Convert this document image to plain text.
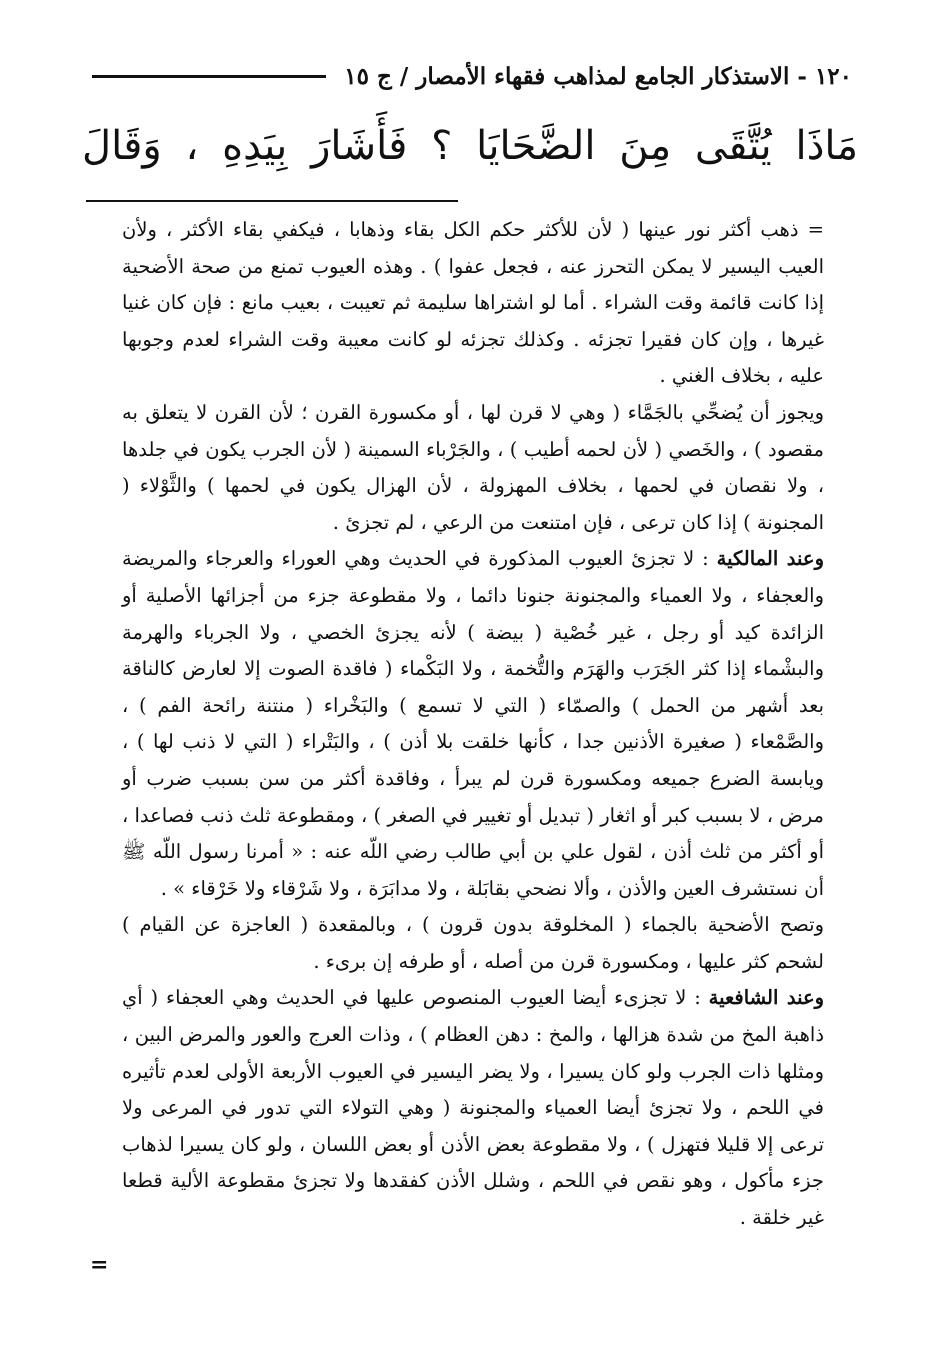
١٢٠ - الاستذكار الجامع لمذاهب فقهاء الأمصار / ج ١٥
مَاذَا يُتَّقَى مِنَ الضَّحَايَا ؟ فَأَشَارَ بِيَدِهِ ، وَقَالَ

= ذهب أكثر نور عينها ( لأن للأكثر حكم الكل بقاء وذهابا ، فيكفي بقاء الأكثر ، ولأن العيب اليسير لا يمكن التحرز عنه ، فجعل عفوا ) . وهذه العيوب تمنع من صحة الأضحية إذا كانت قائمة وقت الشراء . أما لو اشتراها سليمة ثم تعيبت ، بعيب مانع : فإن كان غنيا غيرها ، وإن كان فقيرا تجزئه . وكذلك تجزئه لو كانت معيبة وقت الشراء لعدم وجوبها عليه ، بخلاف الغني .

ويجوز أن يُضحِّي بالجَمَّاء ( وهي لا قرن لها ، أو مكسورة القرن ؛ لأن القرن لا يتعلق به مقصود ) ، والخَصي ( لأن لحمه أطيب ) ، والجَرْباء السمينة ( لأن الجرب يكون في جلدها ، ولا نقصان في لحمها ، بخلاف المهزولة ، لأن الهزال يكون في لحمها ) والثَّوْلاء ( المجنونة ) إذا كان ترعى ، فإن امتنعت من الرعي ، لم تجزئ .

وعند المالكية : لا تجزئ العيوب المذكورة في الحديث وهي العوراء والعرجاء والمريضة والعجفاء ، ولا العمياء والمجنونة جنونا دائما ، ولا مقطوعة جزء من أجزائها الأصلية أو الزائدة كيد أو رجل ، غير خُصْية ( بيضة ) لأنه يجزئ الخصي ، ولا الجرباء والهرمة والبشْماء إذا كثر الجَرَب والهَرَم والتُّخمة ، ولا البَكْماء ( فاقدة الصوت إلا لعارض كالناقة بعد أشهر من الحمل ) والصمّاء ( التي لا تسمع ) والبَخْراء ( منتنة رائحة الفم ) ، والصَّمْعاء ( صغيرة الأذنين جدا ، كأنها خلقت بلا أذن ) ، والبَتْراء ( التي لا ذنب لها ) ، ويابسة الضرع جميعه ومكسورة قرن لم يبرأ ، وفاقدة أكثر من سن بسبب ضرب أو مرض ، لا بسبب كبر أو اثغار ( تبديل أو تغيير في الصغر ) ، ومقطوعة ثلث ذنب فصاعدا ، أو أكثر من ثلث أذن ، لقول علي بن أبي طالب رضي اللّه عنه : « أمرنا رسول اللّه ﷺ أن نستشرف العين والأذن ، وألا نضحي بقابَلة ، ولا مدابَرَة ، ولا شَرْقاء ولا خَرْقاء » .

وتصح الأضحية بالجماء ( المخلوقة بدون قرون ) ، وبالمقعدة ( العاجزة عن القيام ) لشحم كثر عليها ، ومكسورة قرن من أصله ، أو طرفه إن برىء .

وعند الشافعية : لا تجزىء أيضا العيوب المنصوص عليها في الحديث وهي العجفاء ( أي ذاهبة المخ من شدة هزالها ، والمخ : دهن العظام ) ، وذات العرج والعور والمرض البين ، ومثلها ذات الجرب ولو كان يسيرا ، ولا يضر اليسير في العيوب الأربعة الأولى لعدم تأثيره في اللحم ، ولا تجزئ أيضا العمياء والمجنونة ( وهي التولاء التي تدور في المرعى ولا ترعى إلا قليلا فتهزل ) ، ولا مقطوعة بعض الأذن أو بعض اللسان ، ولو كان يسيرا لذهاب جزء مأكول ، وهو نقص في اللحم ، وشلل الأذن كفقدها ولا تجزئ مقطوعة الألية قطعا غير خلقة .

=
